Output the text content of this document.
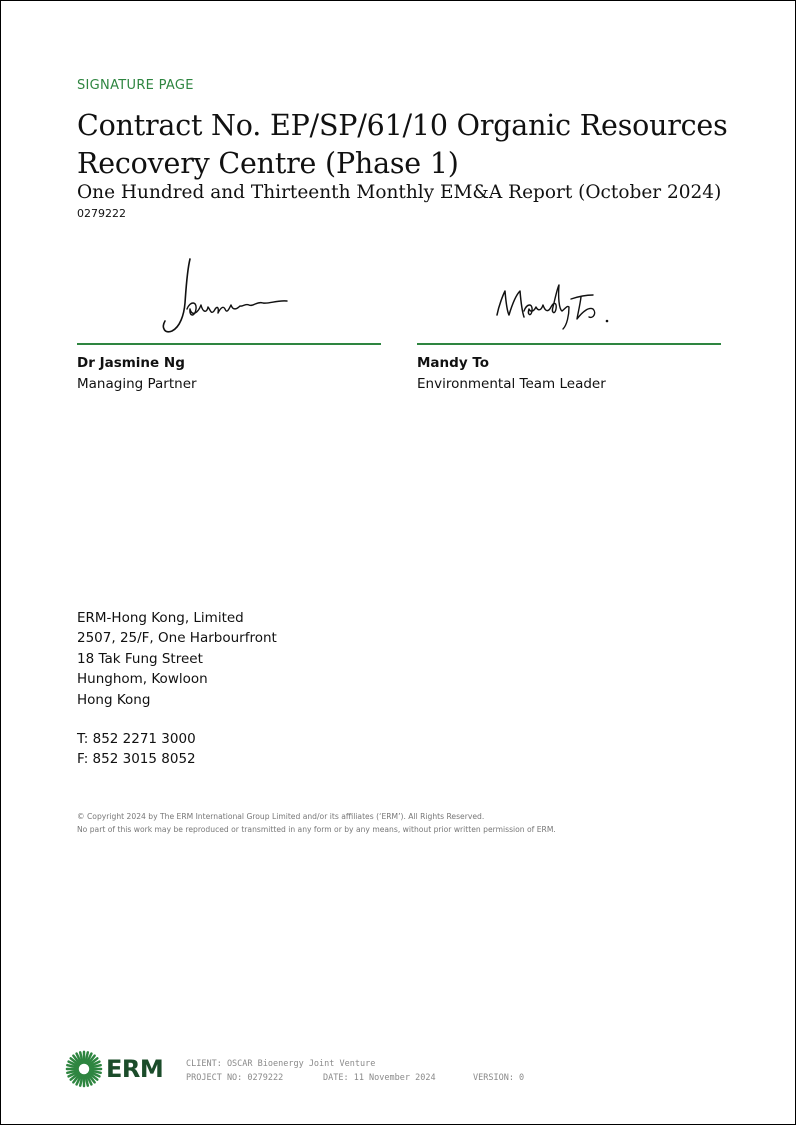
SIGNATURE PAGE
Contract No. EP/SP/61/10 Organic Resources Recovery Centre (Phase 1)
One Hundred and Thirteenth Monthly EM&A Report (October 2024)
0279222
Dr Jasmine Ng
Managing Partner
Mandy To
Environmental Team Leader
ERM-Hong Kong, Limited
2507, 25/F, One Harbourfront
18 Tak Fung Street
Hunghom, Kowloon
Hong Kong
T: 852 2271 3000
F: 852 3015 8052
© Copyright 2024 by The ERM International Group Limited and/or its affiliates (‘ERM’). All Rights Reserved.
No part of this work may be reproduced or transmitted in any form or by any means, without prior written permission of ERM.
ERM	CLIENT: OSCAR Bioenergy Joint Venture
PROJECT NO: 0279222	DATE: 11 November 2024	VERSION: 0
